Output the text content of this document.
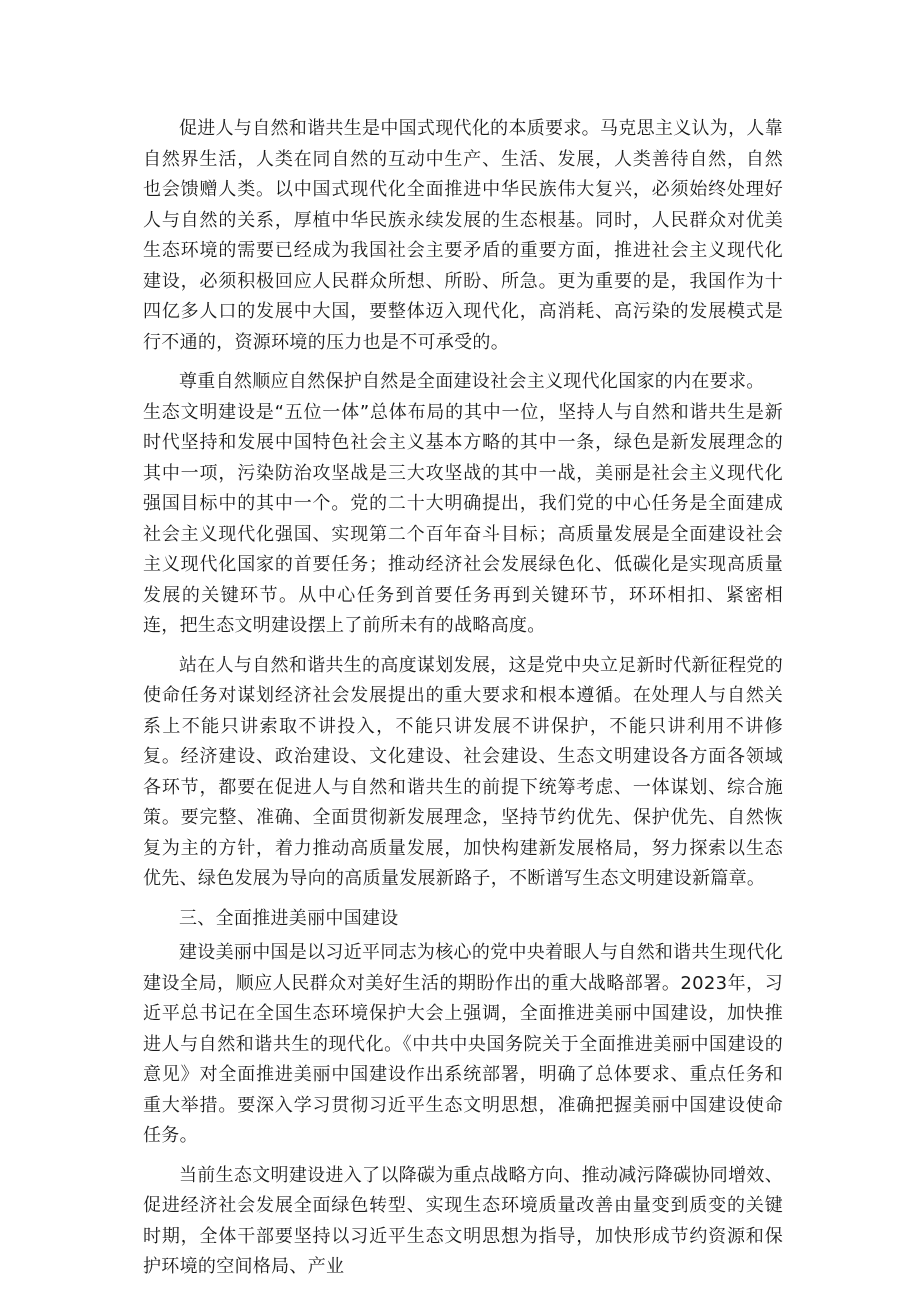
促进人与自然和谐共生是中国式现代化的本质要求。马克思主义认为，人靠自然界生活，人类在同自然的互动中生产、生活、发展，人类善待自然，自然也会馈赠人类。以中国式现代化全面推进中华民族伟大复兴，必须始终处理好人与自然的关系，厚植中华民族永续发展的生态根基。同时，人民群众对优美生态环境的需要已经成为我国社会主要矛盾的重要方面，推进社会主义现代化建设，必须积极回应人民群众所想、所盼、所急。更为重要的是，我国作为十四亿多人口的发展中大国，要整体迈入现代化，高消耗、高污染的发展模式是行不通的，资源环境的压力也是不可承受的。

尊重自然顺应自然保护自然是全面建设社会主义现代化国家的内在要求。

生态文明建设是“五位一体”总体布局的其中一位，坚持人与自然和谐共生是新时代坚持和发展中国特色社会主义基本方略的其中一条，绿色是新发展理念的其中一项，污染防治攻坚战是三大攻坚战的其中一战，美丽是社会主义现代化强国目标中的其中一个。党的二十大明确提出，我们党的中心任务是全面建成社会主义现代化强国、实现第二个百年奋斗目标；高质量发展是全面建设社会主义现代化国家的首要任务；推动经济社会发展绿色化、低碳化是实现高质量发展的关键环节。从中心任务到首要任务再到关键环节，环环相扣、紧密相连，把生态文明建设摆上了前所未有的战略高度。

站在人与自然和谐共生的高度谋划发展，这是党中央立足新时代新征程党的使命任务对谋划经济社会发展提出的重大要求和根本遵循。在处理人与自然关系上不能只讲索取不讲投入，不能只讲发展不讲保护，不能只讲利用不讲修复。经济建设、政治建设、文化建设、社会建设、生态文明建设各方面各领域各环节，都要在促进人与自然和谐共生的前提下统筹考虑、一体谋划、综合施策。要完整、准确、全面贯彻新发展理念，坚持节约优先、保护优先、自然恢复为主的方针，着力推动高质量发展，加快构建新发展格局，努力探索以生态优先、绿色发展为导向的高质量发展新路子，不断谱写生态文明建设新篇章。

三、全面推进美丽中国建设

建设美丽中国是以习近平同志为核心的党中央着眼人与自然和谐共生现代化建设全局，顺应人民群众对美好生活的期盼作出的重大战略部署。2023年，习近平总书记在全国生态环境保护大会上强调，全面推进美丽中国建设，加快推进人与自然和谐共生的现代化。《中共中央国务院关于全面推进美丽中国建设的意见》对全面推进美丽中国建设作出系统部署，明确了总体要求、重点任务和重大举措。要深入学习贯彻习近平生态文明思想，准确把握美丽中国建设使命任务。

当前生态文明建设进入了以降碳为重点战略方向、推动减污降碳协同增效、促进经济社会发展全面绿色转型、实现生态环境质量改善由量变到质变的关键时期，全体干部要坚持以习近平生态文明思想为指导，加快形成节约资源和保护环境的空间格局、产业
